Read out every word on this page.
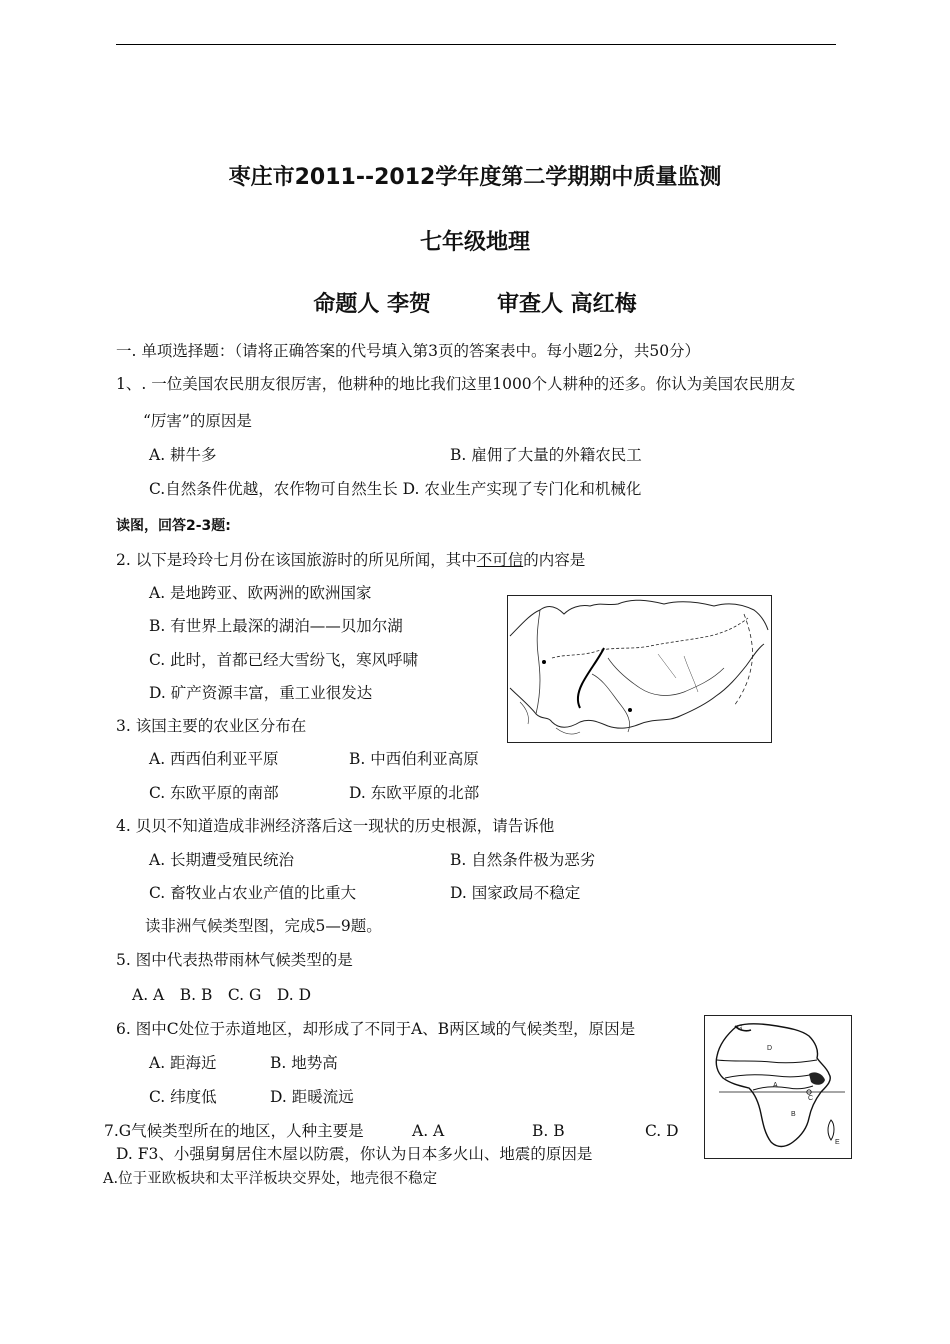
枣庄市2011--2012学年度第二学期期中质量监测
七年级地理
命题人 李贺　　　审查人 高红梅
一. 单项选择题：（请将正确答案的代号填入第3页的答案表中。每小题2分，共50分）
1、. 一位美国农民朋友很厉害，他耕种的地比我们这里1000个人耕种的还多。你认为美国农民朋友
“厉害”的原因是
A. 耕牛多	B. 雇佣了大量的外籍农民工
C.自然条件优越，农作物可自然生长 D. 农业生产实现了专门化和机械化
读图，回答2-3题:
2. 以下是玲玲七月份在该国旅游时的所见所闻，其中不可信的内容是
A. 是地跨亚、欧两洲的欧洲国家
B. 有世界上最深的湖泊——贝加尔湖
C. 此时，首都已经大雪纷飞，寒风呼啸
D. 矿产资源丰富，重工业很发达
3. 该国主要的农业区分布在
A. 西西伯利亚平原	B. 中西伯利亚高原
C. 东欧平原的南部	D. 东欧平原的北部
4. 贝贝不知道造成非洲经济落后这一现状的历史根源，请告诉他
A. 长期遭受殖民统治	B. 自然条件极为恶劣
C. 畜牧业占农业产值的比重大	D. 国家政局不稳定
读非洲气候类型图，完成5—9题。
5. 图中代表热带雨林气候类型的是
A. A　B. B　C. G　D. D
6. 图中C处位于赤道地区，却形成了不同于A、B两区域的气候类型，原因是
A. 距海近	B. 地势高
C. 纬度低	D. 距暖流远
G
D
A
C
B
E
7.G气候类型所在的地区，人种主要是	A. A	B. B	C. D
D. F3、小强舅舅居住木屋以防震，你认为日本多火山、地震的原因是
A.位于亚欧板块和太平洋板块交界处，地壳很不稳定
